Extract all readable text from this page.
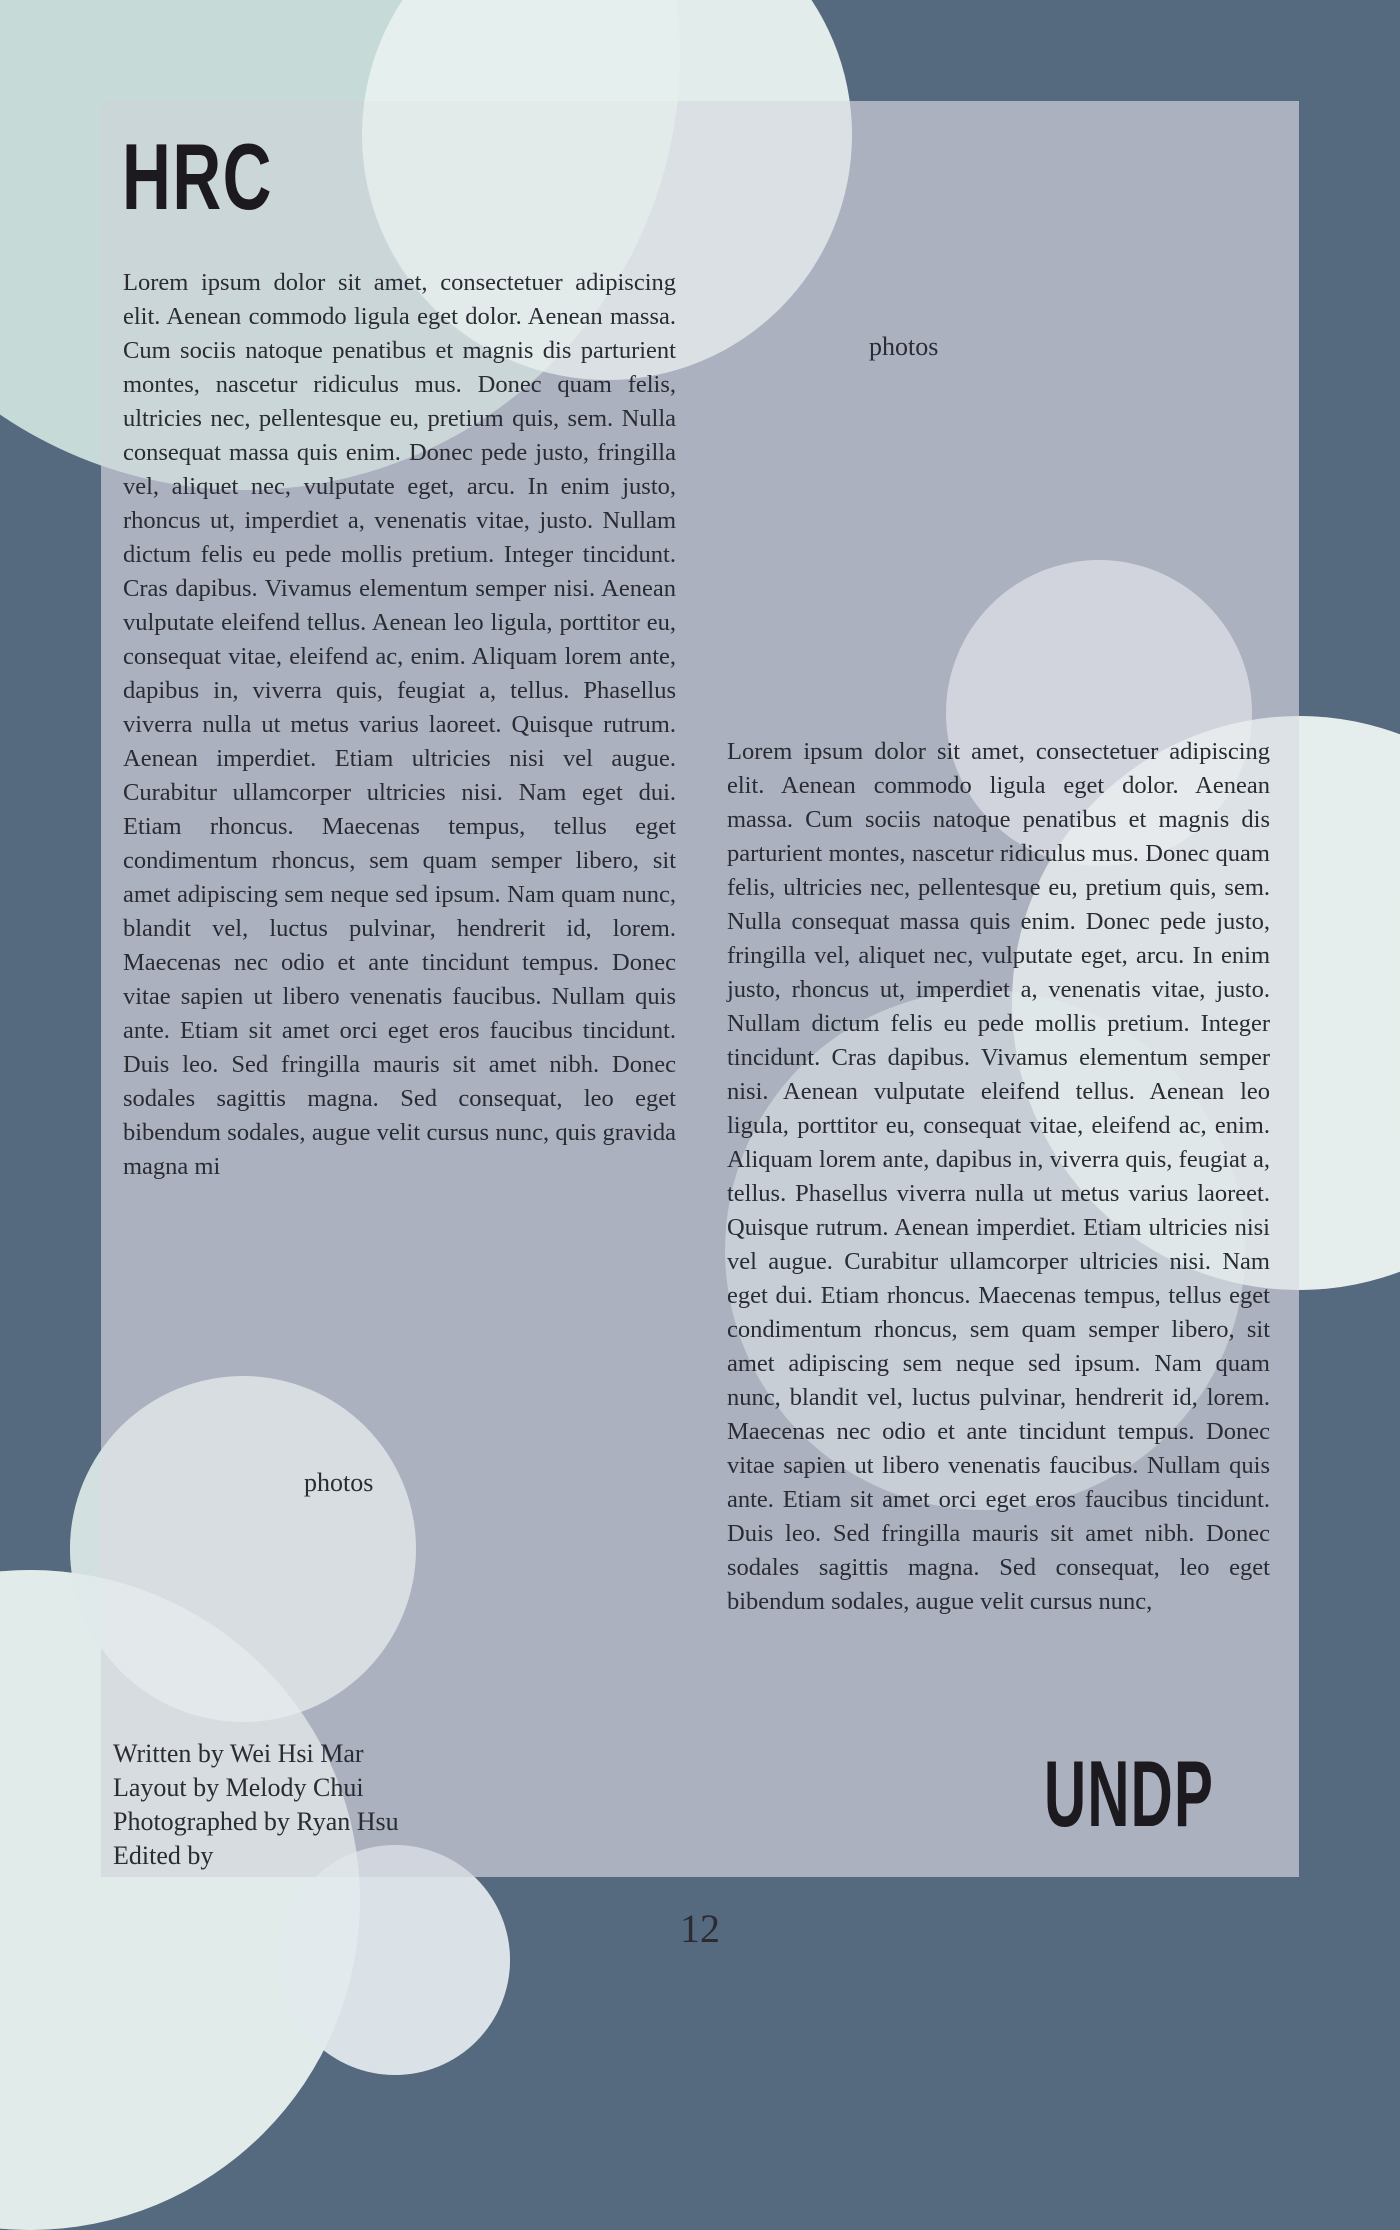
HRC
UNDP
Lorem ipsum dolor sit amet, consectetuer adipiscing elit. Aenean commodo ligula eget dolor. Aenean massa. Cum sociis natoque penatibus et magnis dis parturient montes, nascetur ridiculus mus. Donec quam felis, ultricies nec, pellentesque eu, pretium quis, sem. Nulla consequat massa quis enim. Donec pede justo, fringilla vel, aliquet nec, vulputate eget, arcu. In enim justo, rhoncus ut, imperdiet a, venenatis vitae, justo. Nullam dictum felis eu pede mollis pretium. Integer tincidunt. Cras dapibus. Vivamus elementum semper nisi. Aenean vulputate eleifend tellus. Aenean leo ligula, porttitor eu, consequat vitae, eleifend ac, enim. Aliquam lorem ante, dapibus in, viverra quis, feugiat a, tellus. Phasellus viverra nulla ut metus varius laoreet. Quisque rutrum. Aenean imperdiet. Etiam ultricies nisi vel augue. Curabitur ullamcorper ultricies nisi. Nam eget dui. Etiam rhoncus. Maecenas tempus, tellus eget condimentum rhoncus, sem quam semper libero, sit amet adipiscing sem neque sed ipsum. Nam quam nunc, blandit vel, luctus pulvinar, hendrerit id, lorem. Maecenas nec odio et ante tincidunt tempus. Donec vitae sapien ut libero venenatis faucibus. Nullam quis ante. Etiam sit amet orci eget eros faucibus tincidunt. Duis leo. Sed fringilla mauris sit amet nibh. Donec sodales sagittis magna. Sed consequat, leo eget bibendum sodales, augue velit cursus nunc, quis gravida magna mi
Lorem ipsum dolor sit amet, consectetuer adipiscing elit. Aenean commodo ligula eget dolor. Aenean massa. Cum sociis natoque penatibus et magnis dis parturient montes, nascetur ridiculus mus. Donec quam felis, ultricies nec, pellentesque eu, pretium quis, sem. Nulla consequat massa quis enim. Donec pede justo, fringilla vel, aliquet nec, vulputate eget, arcu. In enim justo, rhoncus ut, imperdiet a, venenatis vitae, justo. Nullam dictum felis eu pede mollis pretium. Integer tincidunt. Cras dapibus. Vivamus elementum semper nisi. Aenean vulputate eleifend tellus. Aenean leo ligula, porttitor eu, consequat vitae, eleifend ac, enim. Aliquam lorem ante, dapibus in, viverra quis, feugiat a, tellus. Phasellus viverra nulla ut metus varius laoreet. Quisque rutrum. Aenean imperdiet. Etiam ultricies nisi vel augue. Curabitur ullamcorper ultricies nisi. Nam eget dui. Etiam rhoncus. Maecenas tempus, tellus eget condimentum rhoncus, sem quam semper libero, sit amet adipiscing sem neque sed ipsum. Nam quam nunc, blandit vel, luctus pulvinar, hendrerit id, lorem. Maecenas nec odio et ante tincidunt tempus. Donec vitae sapien ut libero venenatis faucibus. Nullam quis ante. Etiam sit amet orci eget eros faucibus tincidunt. Duis leo. Sed fringilla mauris sit amet nibh. Donec sodales sagittis magna. Sed consequat, leo eget bibendum sodales, augue velit cursus nunc,
photos
photos
Written by Wei Hsi Mar
Layout by Melody Chui
Photographed by Ryan Hsu
Edited by
12
